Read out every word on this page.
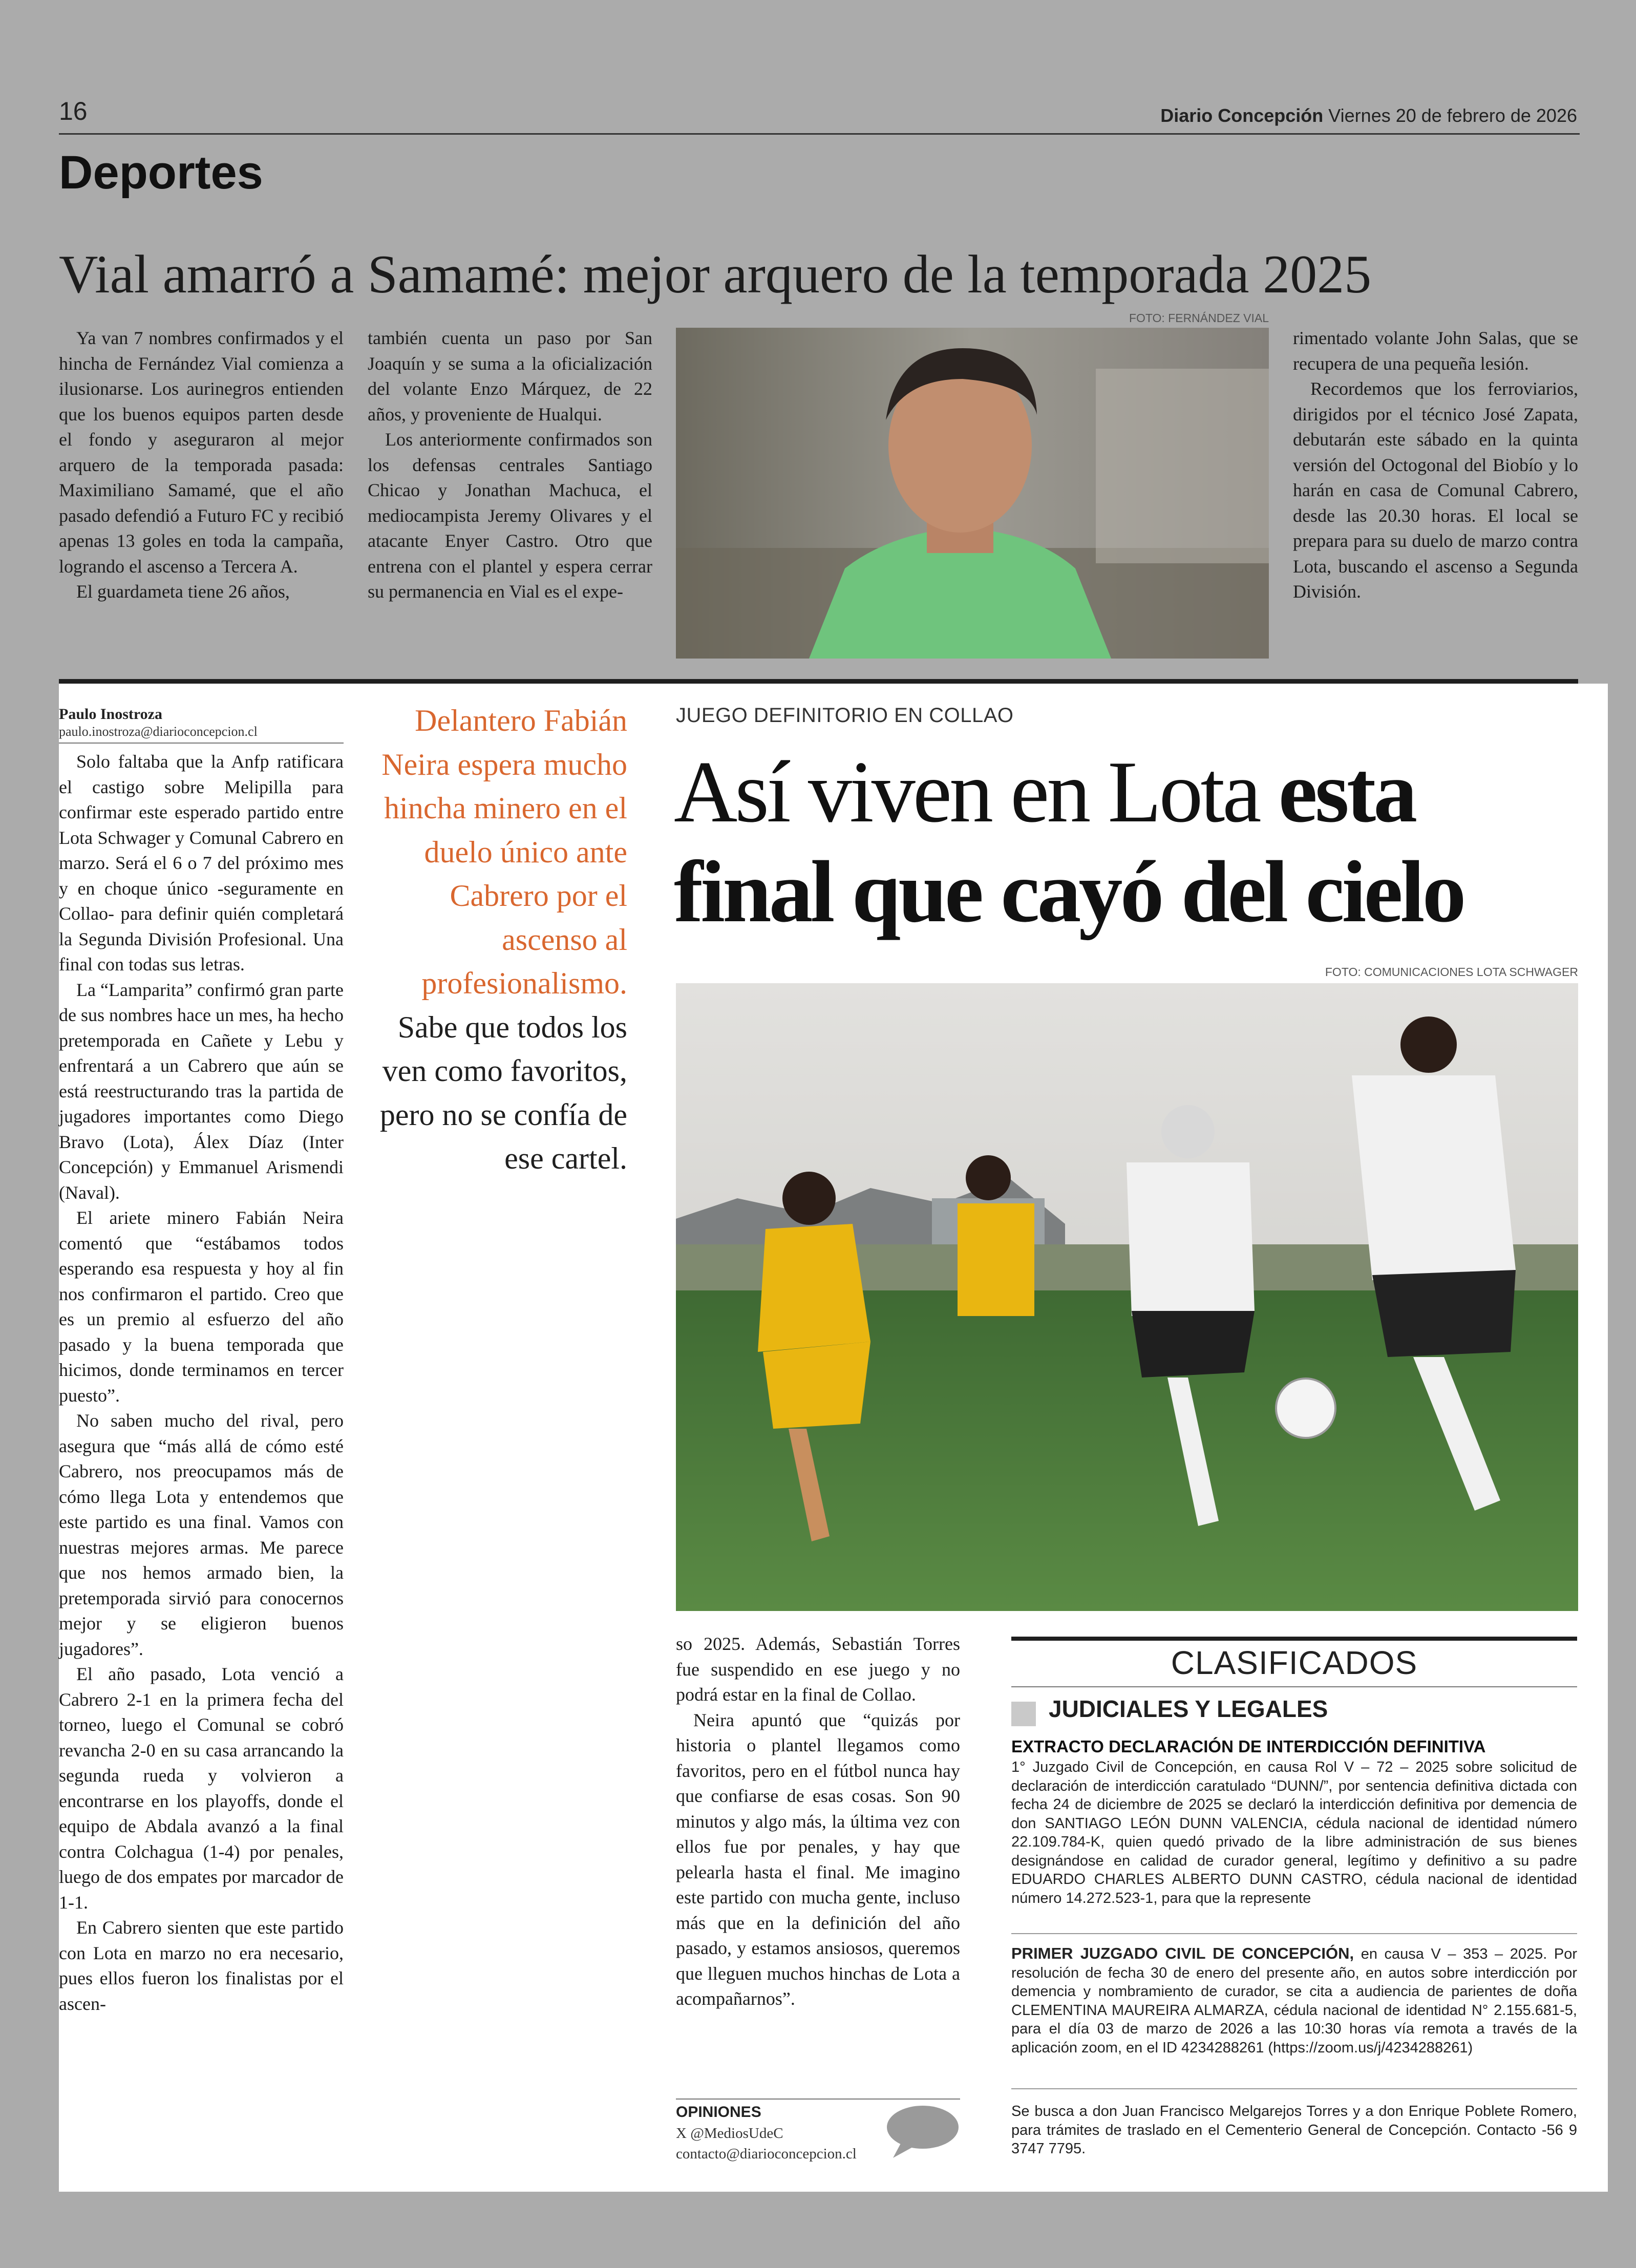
16	Diario Concepción Viernes 20 de febrero de 2026
Deportes
Vial amarró a Samamé: mejor arquero de la temporada 2025

Ya van 7 nombres confirmados y el hincha de Fernández Vial comienza a ilusionarse. Los aurinegros entienden que los buenos equipos parten desde el fondo y aseguraron al mejor arquero de la temporada pasada: Maximiliano Samamé, que el año pasado defendió a Futuro FC y recibió apenas 13 goles en toda la campaña, logrando el ascenso a Tercera A.

El guardameta tiene 26 años,

también cuenta un paso por San Joaquín y se suma a la oficialización del volante Enzo Márquez, de 22 años, y proveniente de Hualqui.

Los anteriormente confirmados son los defensas centrales Santiago Chicao y Jonathan Machuca, el mediocampista Jeremy Olivares y el atacante Enyer Castro. Otro que entrena con el plantel y espera cerrar su permanencia en Vial es el expe-

FOTO: FERNÁNDEZ VIAL

rimentado volante John Salas, que se recupera de una pequeña lesión.

Recordemos que los ferroviarios, dirigidos por el técnico José Zapata, debutarán este sábado en la quinta versión del Octogonal del Biobío y lo harán en casa de Comunal Cabrero, desde las 20.30 horas. El local se prepara para su duelo de marzo contra Lota, buscando el ascenso a Segunda División.

Paulo Inostroza
paulo.inostroza@diarioconcepcion.cl

Solo faltaba que la Anfp ratificara el castigo sobre Melipilla para confirmar este esperado partido entre Lota Schwager y Comunal Cabrero en marzo. Será el 6 o 7 del próximo mes y en choque único -seguramente en Collao- para definir quién completará la Segunda División Profesional. Una final con todas sus letras.

La “Lamparita” confirmó gran parte de sus nombres hace un mes, ha hecho pretemporada en Cañete y Lebu y enfrentará a un Cabrero que aún se está reestructurando tras la partida de jugadores importantes como Diego Bravo (Lota), Álex Díaz (Inter Concepción) y Emmanuel Arismendi (Naval).

El ariete minero Fabián Neira comentó que “estábamos todos esperando esa respuesta y hoy al fin nos confirmaron el partido. Creo que es un premio al esfuerzo del año pasado y la buena temporada que hicimos, donde terminamos en tercer puesto”.

No saben mucho del rival, pero asegura que “más allá de cómo esté Cabrero, nos preocupamos más de cómo llega Lota y entendemos que este partido es una final. Vamos con nuestras mejores armas. Me parece que nos hemos armado bien, la pretemporada sirvió para conocernos mejor y se eligieron buenos jugadores”.

El año pasado, Lota venció a Cabrero 2-1 en la primera fecha del torneo, luego el Comunal se cobró revancha 2-0 en su casa arrancando la segunda rueda y volvieron a encontrarse en los playoffs, donde el equipo de Abdala avanzó a la final contra Colchagua (1-4) por penales, luego de dos empates por marcador de 1-1.

En Cabrero sienten que este partido con Lota en marzo no era necesario, pues ellos fueron los finalistas por el ascen-

Delantero Fabián Neira espera mucho hincha minero en el duelo único ante Cabrero por el ascenso al profesionalismo. Sabe que todos los ven como favoritos, pero no se confía de ese cartel.
JUEGO DEFINITORIO EN COLLAO
Así viven en Lota esta final que cayó del cielo
FOTO: COMUNICACIONES LOTA SCHWAGER

so 2025. Además, Sebastián Torres fue suspendido en ese juego y no podrá estar en la final de Collao.

Neira apuntó que “quizás por historia o plantel llegamos como favoritos, pero en el fútbol nunca hay que confiarse de esas cosas. Son 90 minutos y algo más, la última vez con ellos fue por penales, y hay que pelearla hasta el final. Me imagino este partido con mucha gente, incluso más que en la definición del año pasado, y estamos ansiosos, queremos que lleguen muchos hinchas de Lota a acompañarnos”.

OPINIONES
X @MediosUdeC
contacto@diarioconcepcion.cl
CLASIFICADOS
JUDICIALES Y LEGALES
EXTRACTO DECLARACIÓN DE INTERDICCIÓN DEFINITIVA
1° Juzgado Civil de Concepción, en causa Rol V – 72 – 2025 sobre solicitud de declaración de interdicción caratulado “DUNN/”, por sentencia definitiva dictada con fecha 24 de diciembre de 2025 se declaró la interdicción definitiva por demencia de don SANTIAGO LEÓN DUNN VALENCIA, cédula nacional de identidad número 22.109.784-K, quien quedó privado de la libre administración de sus bienes designándose en calidad de curador general, legítimo y definitivo a su padre EDUARDO CHARLES ALBERTO DUNN CASTRO, cédula nacional de identidad número 14.272.523-1, para que la represente
PRIMER JUZGADO CIVIL DE CONCEPCIÓN, en causa V – 353 – 2025. Por resolución de fecha 30 de enero del presente año, en autos sobre interdicción por demencia y nombramiento de curador, se cita a audiencia de parientes de doña CLEMENTINA MAUREIRA ALMARZA, cédula nacional de identidad N° 2.155.681-5, para el día 03 de marzo de 2026 a las 10:30 horas vía remota a través de la aplicación zoom, en el ID 4234288261 (https://zoom.us/j/4234288261)
Se busca a don Juan Francisco Melgarejos Torres y a don Enrique Poblete Romero, para trámites de traslado en el Cementerio General de Concepción. Contacto -56 9 3747 7795.
